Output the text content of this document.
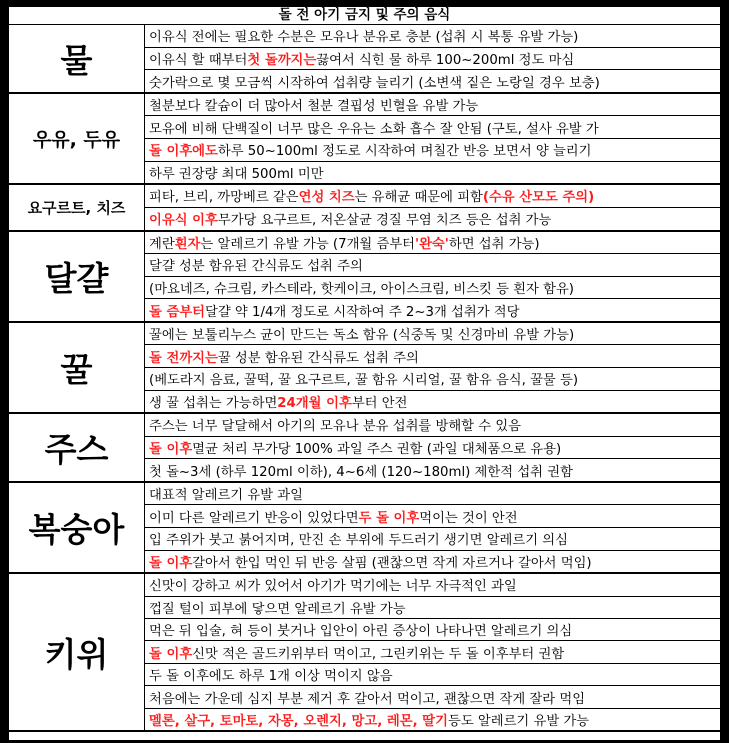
돌 전 아기 금지 및 주의 음식
물
이유식 전에는 필요한 수분은 모유나 분유로 충분 (섭취 시 복통 유발 가능)
이유식 할 때부터 첫 돌까지는 끓여서 식힌 물 하루 100~200ml 정도 마심
숫가락으로 몇 모금씩 시작하여 섭취량 늘리기 (소변색 짙은 노랑일 경우 보충)
우유, 두유
철분보다 칼슘이 더 많아서 철분 결핍성 빈혈을 유발 가능
모유에 비해 단백질이 너무 많은 우유는 소화 흡수 잘 안됨 (구토, 설사 유발 가
돌 이후에도 하루 50~100ml 정도로 시작하여 며칠간 반응 보면서 양 늘리기
하루 권장량 최대 500ml 미만
요구르트, 치즈
피타, 브리, 까망베르 같은 연성 치즈 는 유해균 때문에 피함 (수유 산모도 주의)
이유식 이후 무가당 요구르트, 저온살균 경질 무염 치즈 등은 섭취 가능
달걀
계란 흰자 는 알레르기 유발 가능 (7개월 즘부터 '완숙' 하면 섭취 가능)
달걀 성분 함유된 간식류도 섭취 주의
(마요네즈, 슈크림, 카스테라, 핫케이크, 아이스크림, 비스킷 등 흰자 함유)
돌 즘부터 달걀 약 1/4개 정도로 시작하여 주 2~3개 섭취가 적당
꿀
꿀에는 보툴리누스 균이 만드는 독소 함유 (식중독 및 신경마비 유발 가능)
돌 전까지는 꿀 성분 함유된 간식류도 섭취 주의
(베도라지 음료, 꿀떡, 꿀 요구르트, 꿀 함유 시리얼, 꿀 함유 음식, 꿀물 등)
생 꿀 섭취는 가능하면 24개월 이후 부터 안전
주스
주스는 너무 달달해서 아기의 모유나 분유 섭취를 방해할 수 있음
돌 이후 멸균 처리 무가당 100% 과일 주스 권함 (과일 대체품으로 유용)
첫 돌~3세 (하루 120ml 이하), 4~6세 (120~180ml) 제한적 섭취 권함
복숭아
대표적 알레르기 유발 과일
이미 다른 알레르기 반응이 있었다면 두 돌 이후 먹이는 것이 안전
입 주위가 붓고 붉어지며, 만진 손 부위에 두드러기 생기면 알레르기 의심
돌 이후 갈아서 한입 먹인 뒤 반응 살핌 (괜찮으면 작게 자르거나 갈아서 먹임)
키위
신맛이 강하고 씨가 있어서 아기가 먹기에는 너무 자극적인 과일
껍질 털이 피부에 닿으면 알레르기 유발 가능
먹은 뒤 입술, 혀 등이 붓거나 입안이 아린 증상이 나타나면 알레르기 의심
돌 이후 신맛 적은 골드키위부터 먹이고, 그린키위는 두 돌 이후부터 권함
두 돌 이후에도 하루 1개 이상 먹이지 않음
처음에는 가운데 심지 부분 제거 후 갈아서 먹이고, 괜찮으면 작게 잘라 먹임
멜론, 살구, 토마토, 자몽, 오렌지, 망고, 레몬, 딸기 등도 알레르기 유발 가능
